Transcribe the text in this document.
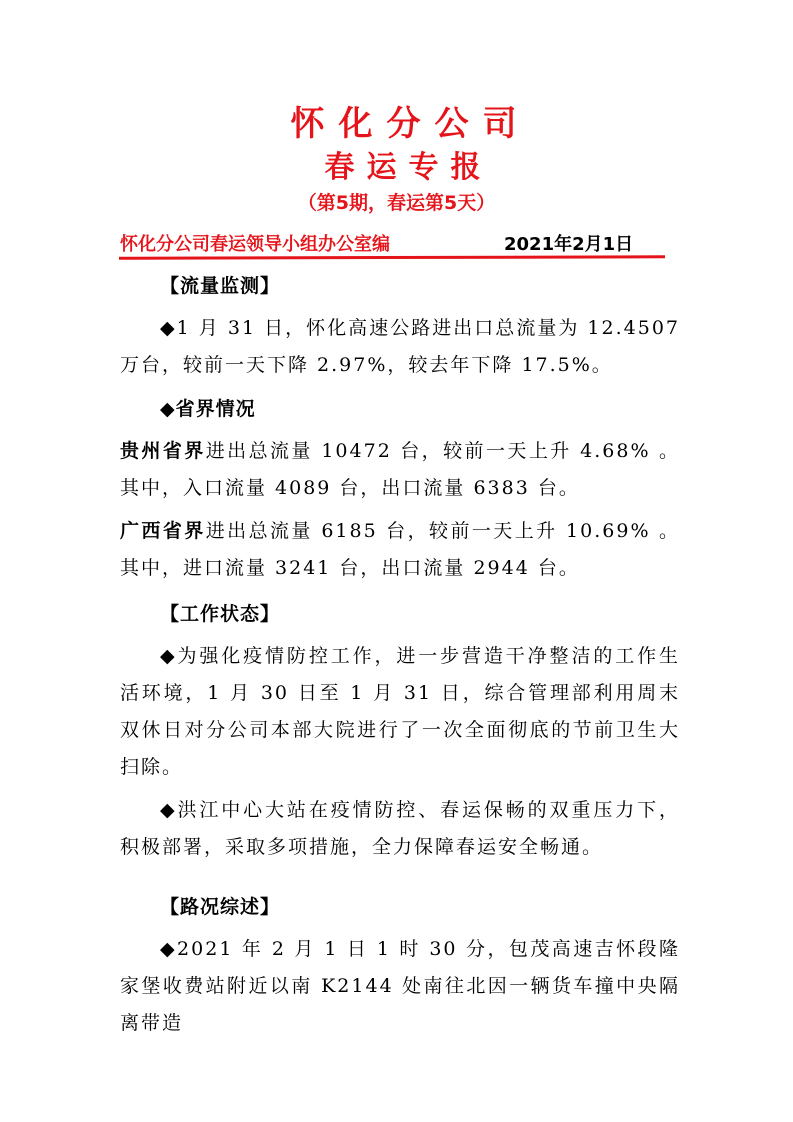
怀化分公司
春运专报
（第5期，春运第5天）
怀化分公司春运领导小组办公室编	2021年2月1日
【流量监测】
◆1 月 31 日，怀化高速公路进出口总流量为 12.4507 万台，较前一天下降 2.97%，较去年下降 17.5%。
◆省界情况
贵州省界进出总流量 10472 台，较前一天上升 4.68% 。其中，入口流量 4089 台，出口流量 6383 台。
广西省界进出总流量 6185 台，较前一天上升 10.69% 。其中，进口流量 3241 台，出口流量 2944 台。
【工作状态】
◆为强化疫情防控工作，进一步营造干净整洁的工作生活环境，1 月 30 日至 1 月 31 日，综合管理部利用周末双休日对分公司本部大院进行了一次全面彻底的节前卫生大扫除。
◆洪江中心大站在疫情防控、春运保畅的双重压力下，积极部署，采取多项措施，全力保障春运安全畅通。
【路况综述】
◆2021 年 2 月 1 日 1 时 30 分，包茂高速吉怀段隆家堡收费站附近以南 K2144 处南往北因一辆货车撞中央隔离带造
